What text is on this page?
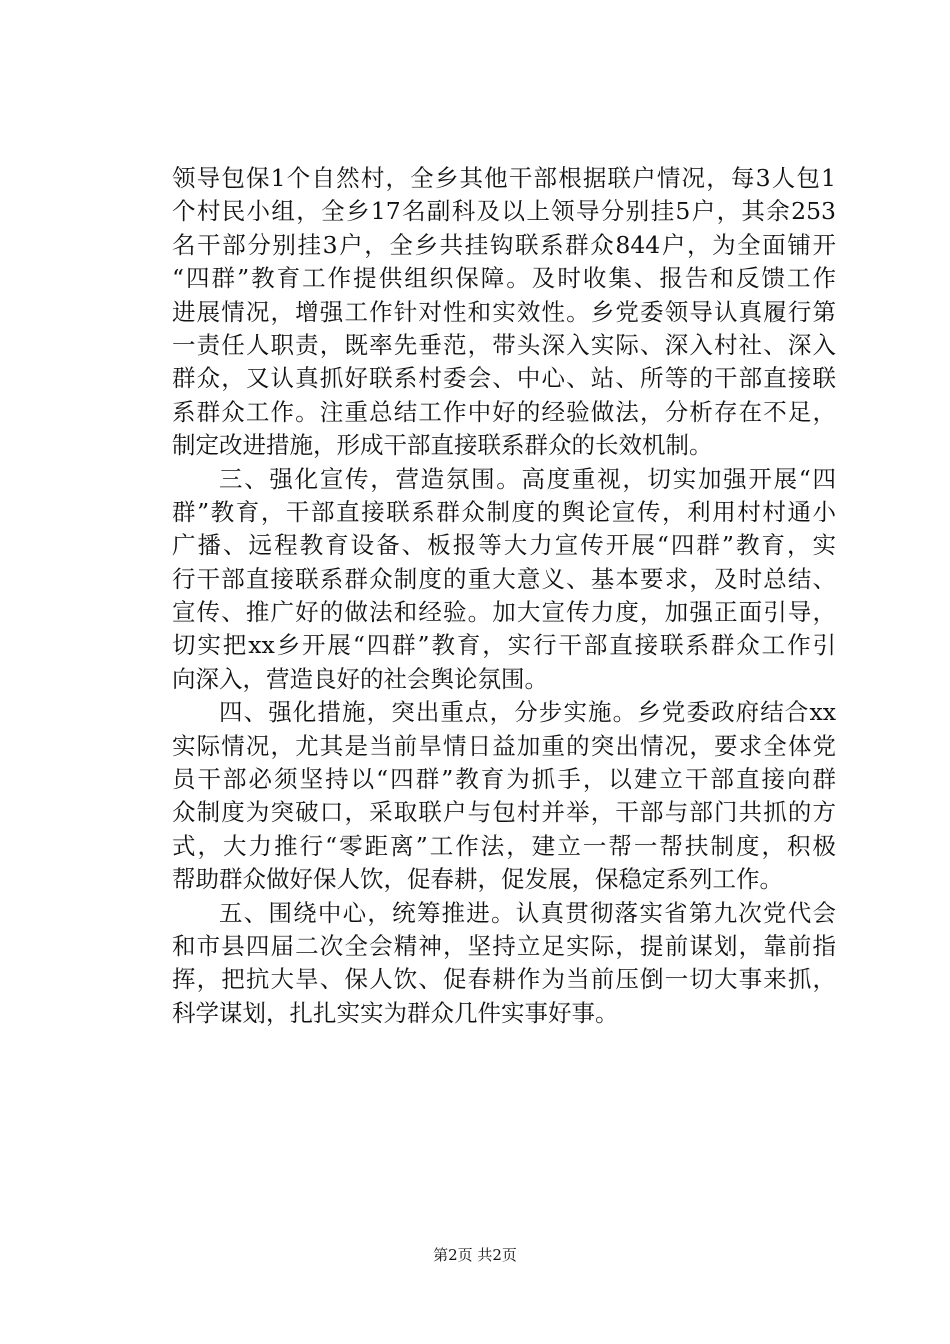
领导包保1个自然村，全乡其他干部根据联户情况，每3人包1
个村民小组，全乡17名副科及以上领导分别挂5户，其余253
名干部分别挂3户，全乡共挂钩联系群众844户，为全面铺开
“四群”教育工作提供组织保障。及时收集、报告和反馈工作
进展情况，增强工作针对性和实效性。乡党委领导认真履行第
一责任人职责，既率先垂范，带头深入实际、深入村社、深入
群众，又认真抓好联系村委会、中心、站、所等的干部直接联
系群众工作。注重总结工作中好的经验做法，分析存在不足，
制定改进措施，形成干部直接联系群众的长效机制。
三、强化宣传，营造氛围。高度重视，切实加强开展“四
群”教育，干部直接联系群众制度的舆论宣传，利用村村通小
广播、远程教育设备、板报等大力宣传开展“四群”教育，实
行干部直接联系群众制度的重大意义、基本要求，及时总结、
宣传、推广好的做法和经验。加大宣传力度，加强正面引导，
切实把xx乡开展“四群”教育，实行干部直接联系群众工作引
向深入，营造良好的社会舆论氛围。
四、强化措施，突出重点，分步实施。乡党委政府结合xx
实际情况，尤其是当前旱情日益加重的突出情况，要求全体党
员干部必须坚持以“四群”教育为抓手，以建立干部直接向群
众制度为突破口，采取联户与包村并举，干部与部门共抓的方
式，大力推行“零距离”工作法，建立一帮一帮扶制度，积极
帮助群众做好保人饮，促春耕，促发展，保稳定系列工作。
五、围绕中心，统筹推进。认真贯彻落实省第九次党代会
和市县四届二次全会精神，坚持立足实际，提前谋划，靠前指
挥，把抗大旱、保人饮、促春耕作为当前压倒一切大事来抓，
科学谋划，扎扎实实为群众几件实事好事。
第2页 共2页
